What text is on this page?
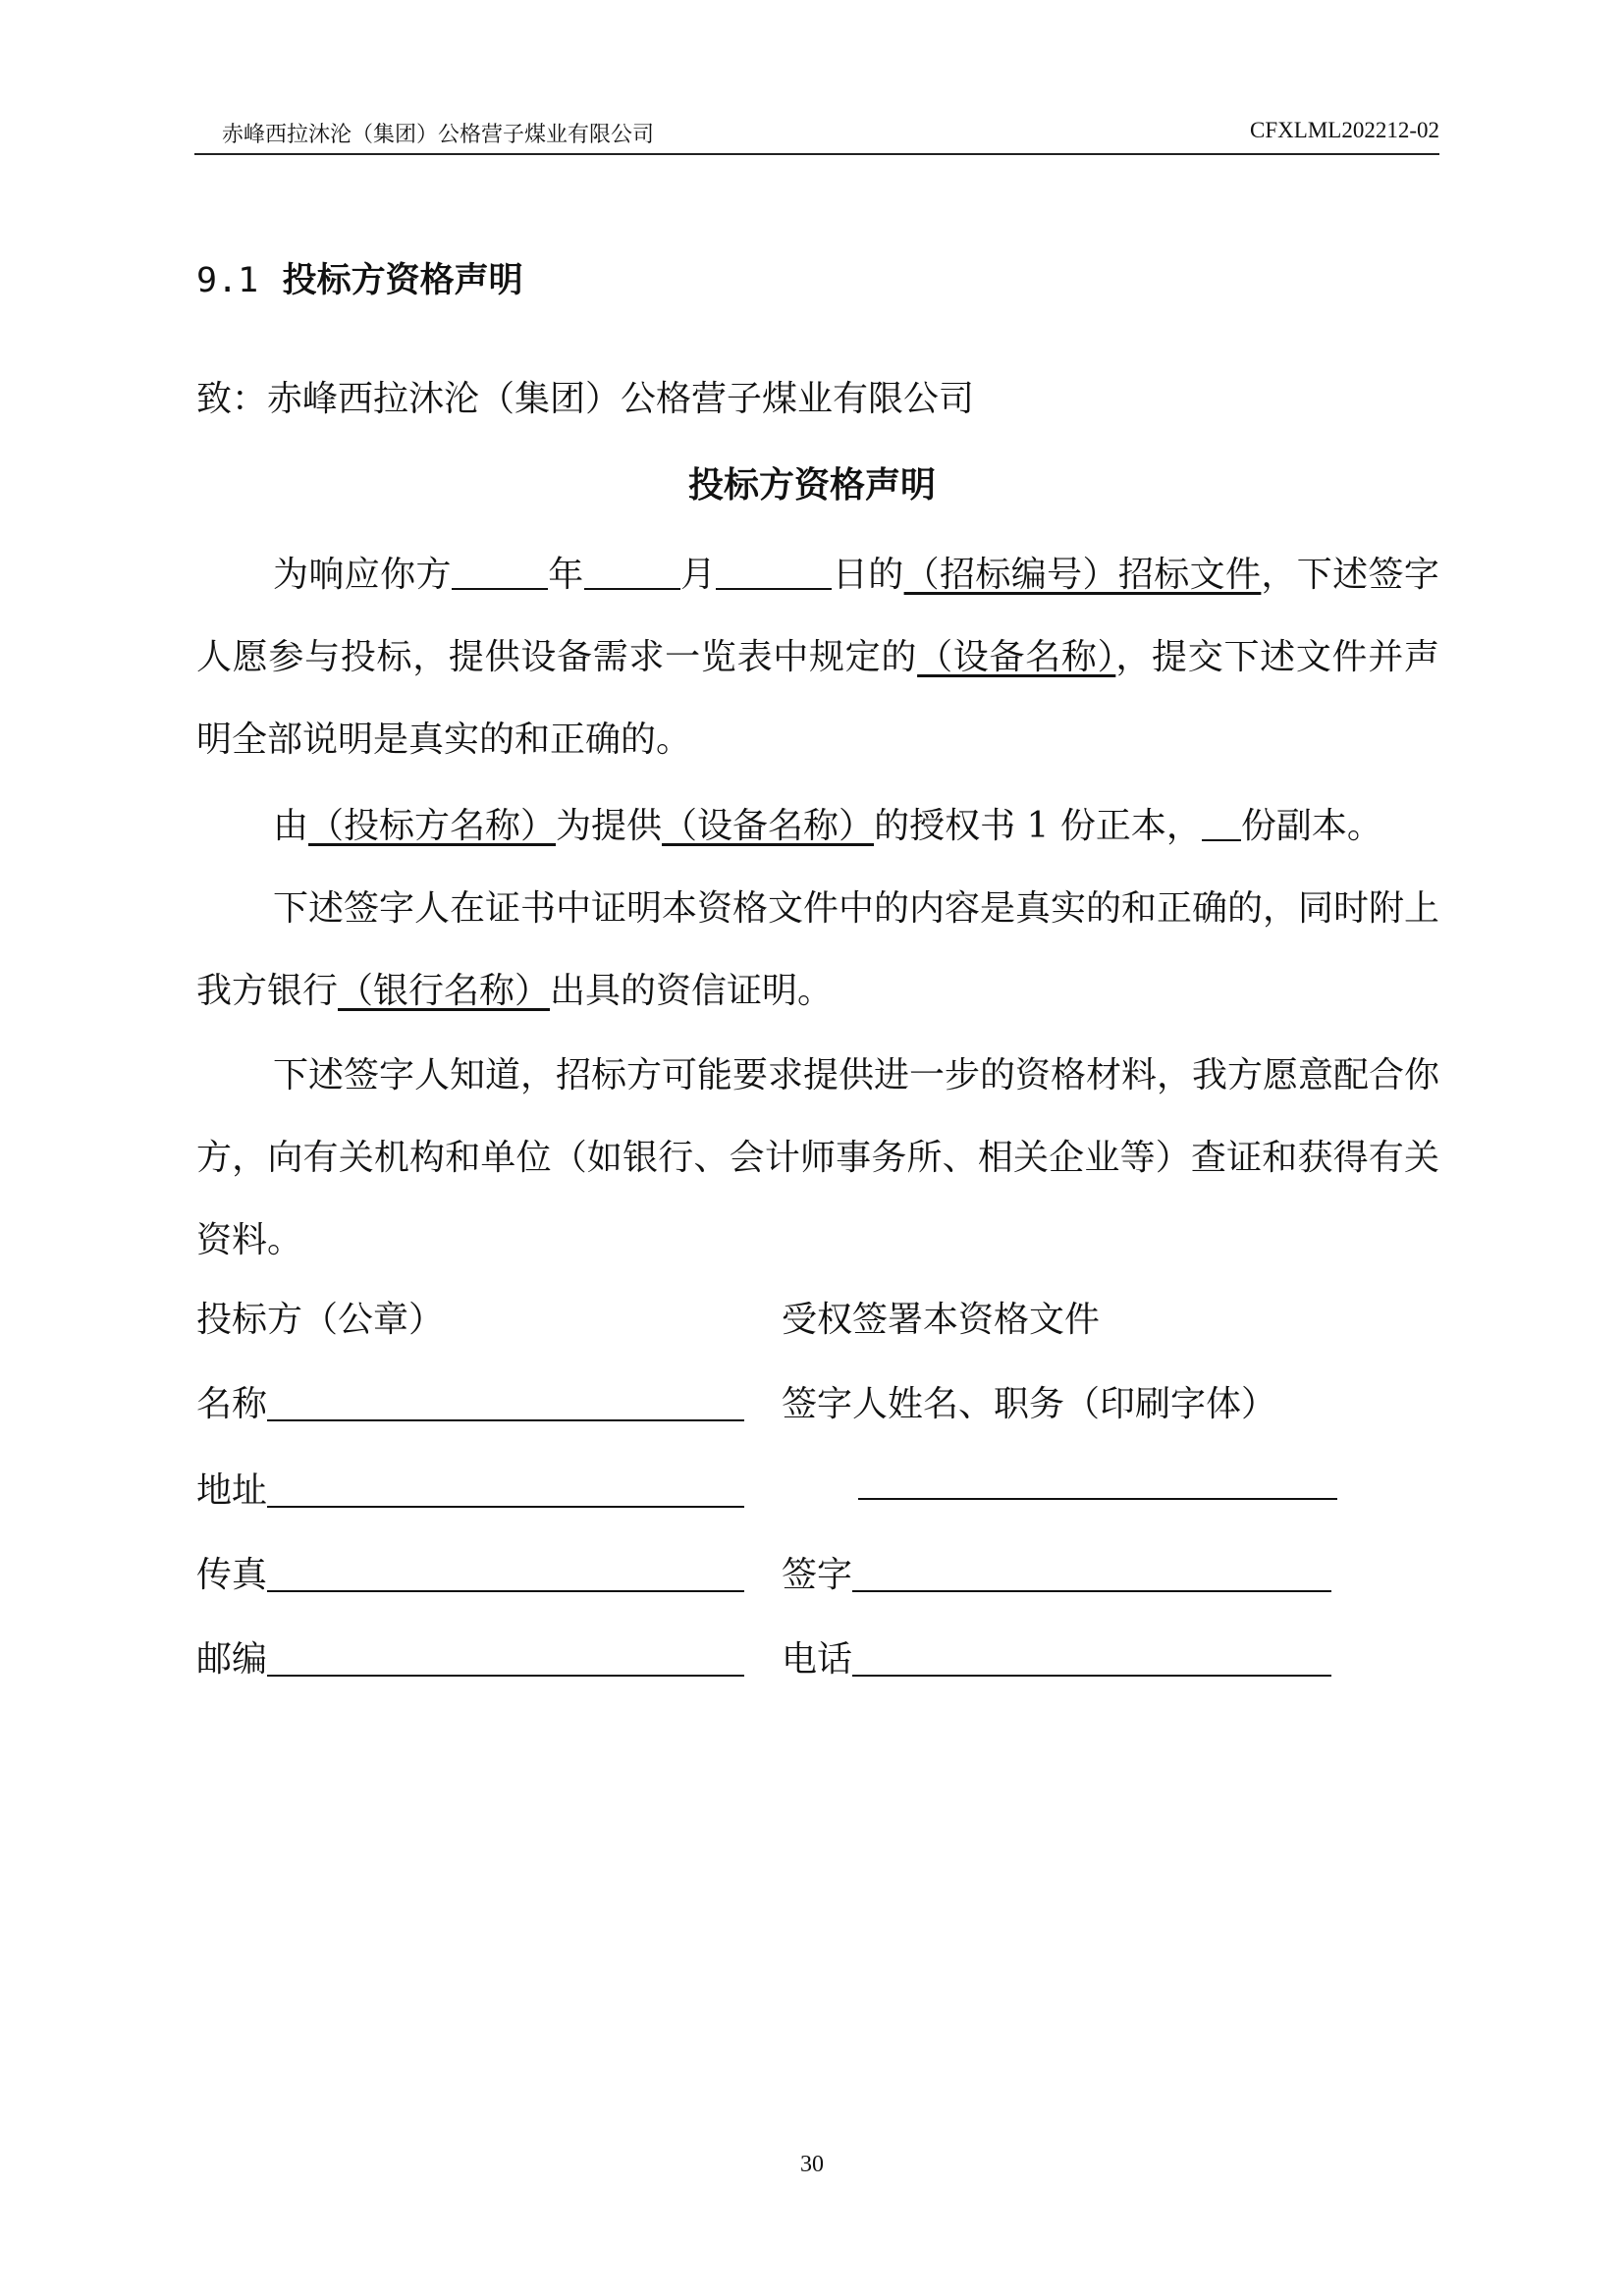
赤峰西拉沐沦（集团）公格营子煤业有限公司	CFXLML202212-02
9.1 投标方资格声明
致：赤峰西拉沐沦（集团）公格营子煤业有限公司
投标方资格声明
为响应你方	年	月	日的（招标编号）招标文件，下述签字人愿参与投标，提供设备需求一览表中规定的（设备名称），提交下述文件并声明全部说明是真实的和正确的。
由（投标方名称）为提供（设备名称）的授权书 1 份正本， 份副本。
下述签字人在证书中证明本资格文件中的内容是真实的和正确的，同时附上我方银行（银行名称）出具的资信证明。
下述签字人知道，招标方可能要求提供进一步的资格材料，我方愿意配合你方，向有关机构和单位（如银行、会计师事务所、相关企业等）查证和获得有关资料。
投标方（公章）	受权签署本资格文件
名称	签字人姓名、职务（印刷字体）
地址
传真	签字
邮编	电话
30
